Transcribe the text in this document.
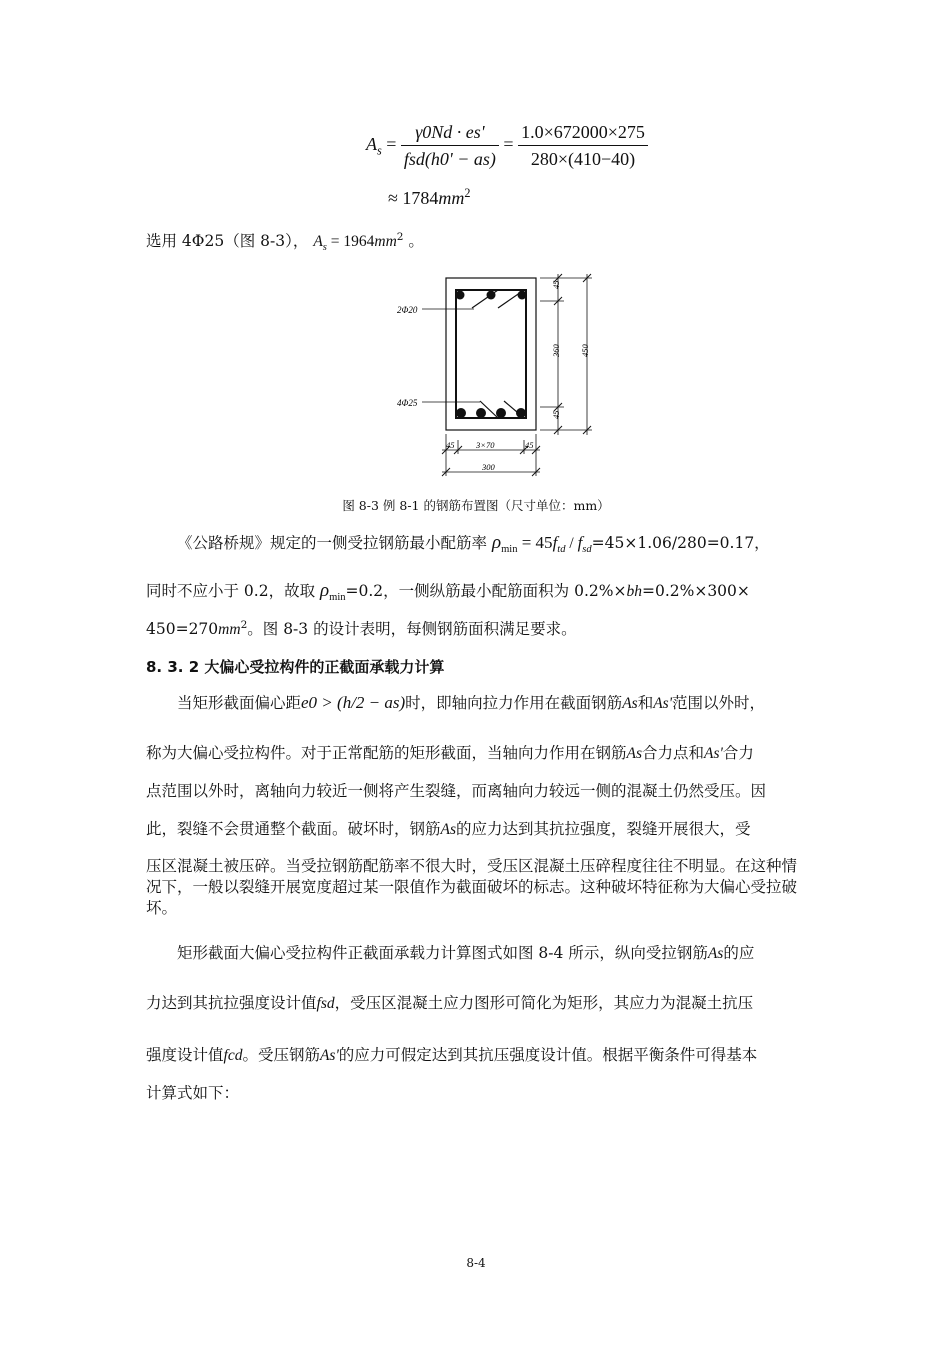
$A_s = \frac{\gamma 0Nd \cdot es'}{\text{fsd(h0' − as)}} = \frac{1.0\times 672000\times 275}{280\times(410-40)}$
≈ $1784mm^2$
选用 4Φ25（图 8-3）， $A_s = 1964mm^2$ 。
2Φ20
4Φ25
45
360 450
45
45	3×70	45
300
图 8-3 例 8-1 的钢筋布置图（尺寸单位：mm）
《公路桥规》规定的一侧受拉钢筋最小配筋率 $\rho_{min} = 45f_{td} / f_{sd}=45\times 1.06/280=0.17$，
同时不应小于 0.2，故取 $\rho_{min}=0.2$，一侧纵筋最小配筋面积为 0.2%×bh=0.2%×300×
$450=270mm^2$。图 8-3 的设计表明，每侧钢筋面积满足要求。
8. 3. 2 大偏心受拉构件的正截面承载力计算
当矩形截面偏心距e0 > (h/2 − as)时，即轴向拉力作用在截面钢筋As和As'范围以外时，
称为大偏心受拉构件。对于正常配筋的矩形截面，当轴向力作用在钢筋As合力点和As'合力
点范围以外时，离轴向力较近一侧将产生裂缝，而离轴向力较远一侧的混凝土仍然受压。因
此，裂缝不会贯通整个截面。破坏时，钢筋As的应力达到其抗拉强度，裂缝开展很大，受
压区混凝土被压碎。当受拉钢筋配筋率不很大时，受压区混凝土压碎程度往往不明显。在这种情况下，一般以裂缝开展宽度超过某一限值作为截面破坏的标志。这种破坏特征称为大偏心受拉破坏。
矩形截面大偏心受拉构件正截面承载力计算图式如图 8-4 所示，纵向受拉钢筋As的应
力达到其抗拉强度设计值fsd，受压区混凝土应力图形可简化为矩形，其应力为混凝土抗压
强度设计值fcd。受压钢筋As'的应力可假定达到其抗压强度设计值。根据平衡条件可得基本
计算式如下：
8-4
